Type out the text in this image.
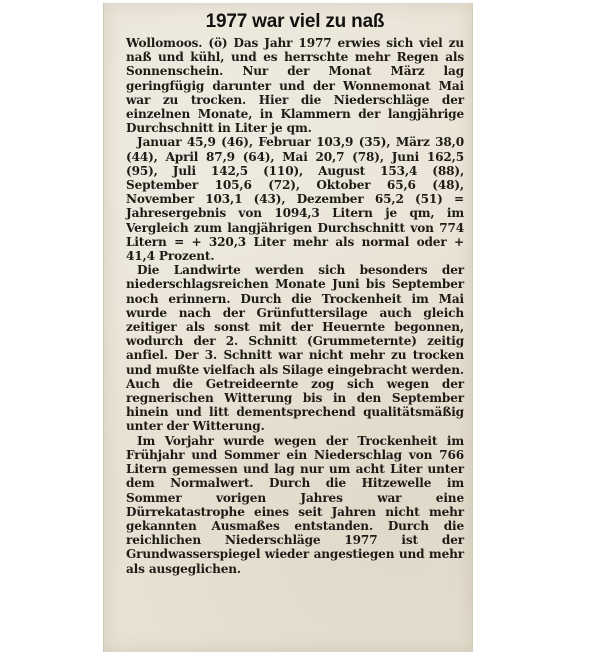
1977 war viel zu naß

Wollomoos. (ö) Das Jahr 1977 erwies sich viel zu naß und kühl, und es herrschte mehr Regen als Sonnenschein. Nur der Monat März lag geringfügig darunter und der Wonnemonat Mai war zu trocken. Hier die Niederschläge der einzelnen Monate, in Klammern der langjährige Durchschnitt in Liter je qm.

Januar 45,9 (46), Februar 103,9 (35), März 38,0 (44), April 87,9 (64), Mai 20,7 (78), Juni 162,5 (95), Juli 142,5 (110), August 153,4 (88), September 105,6 (72), Oktober 65,6 (48), November 103,1 (43), Dezember 65,2 (51) = Jahresergebnis von 1094,3 Litern je qm, im Vergleich zum langjährigen Durchschnitt von 774 Litern = + 320,3 Liter mehr als normal oder + 41,4 Prozent.

Die Landwirte werden sich besonders der niederschlagsreichen Monate Juni bis September noch erinnern. Durch die Trockenheit im Mai wurde nach der Grünfuttersilage auch gleich zeitiger als sonst mit der Heuernte begonnen, wodurch der 2. Schnitt (Grummeternte) zeitig anfiel. Der 3. Schnitt war nicht mehr zu trocken und mußte vielfach als Silage eingebracht werden. Auch die Getreideernte zog sich wegen der regnerischen Witterung bis in den September hinein und litt dementsprechend qualitätsmäßig unter der Witterung.

Im Vorjahr wurde wegen der Trockenheit im Frühjahr und Sommer ein Niederschlag von 766 Litern gemessen und lag nur um acht Liter unter dem Normalwert. Durch die Hitzewelle im Sommer vorigen Jahres war eine Dürrekatastrophe eines seit Jahren nicht mehr gekannten Ausmaßes entstanden. Durch die reichlichen Niederschläge 1977 ist der Grundwasserspiegel wieder angestiegen und mehr als ausgeglichen.
